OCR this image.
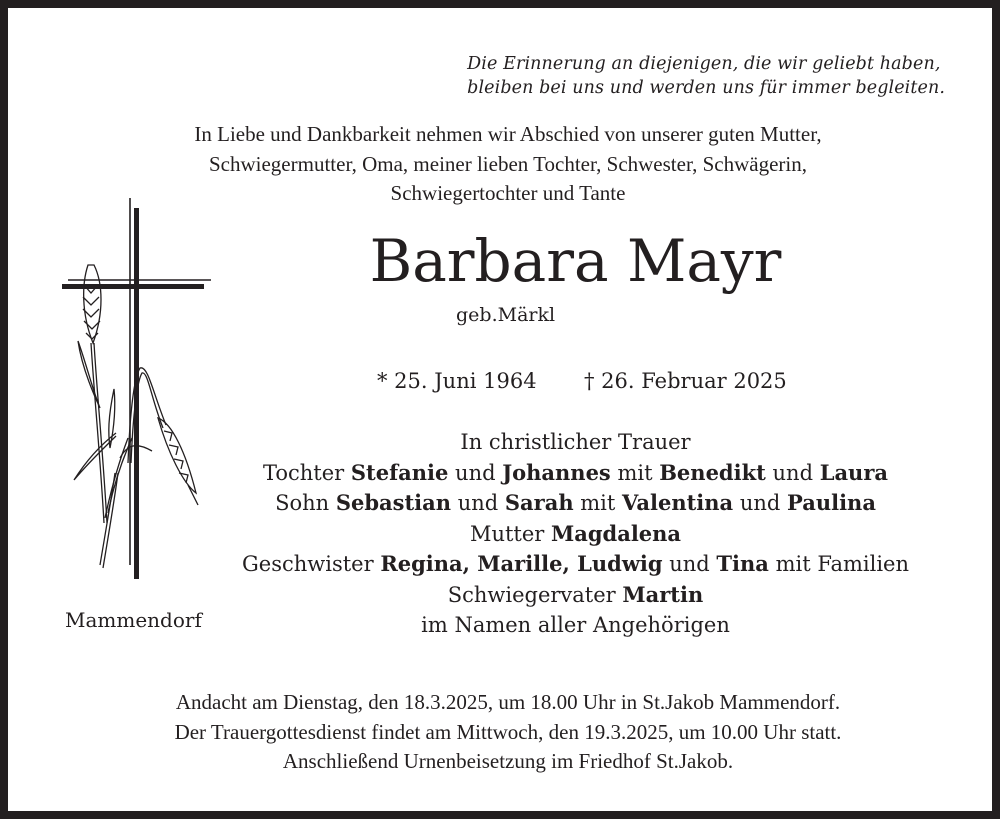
Die Erinnerung an diejenigen, die wir geliebt haben,
bleiben bei uns und werden uns für immer begleiten.
In Liebe und Dankbarkeit nehmen wir Abschied von unserer guten Mutter,
Schwiegermutter, Oma, meiner lieben Tochter, Schwester, Schwägerin,
Schwiegertochter und Tante
Barbara Mayr
geb.Märkl
* 25. Juni 1964 † 26. Februar 2025
In christlicher Trauer
Tochter Stefanie und Johannes mit Benedikt und Laura
Sohn Sebastian und Sarah mit Valentina und Paulina
Mutter Magdalena
Geschwister Regina, Marille, Ludwig und Tina mit Familien
Schwiegervater Martin
im Namen aller Angehörigen
Mammendorf
Andacht am Dienstag, den 18.3.2025, um 18.00 Uhr in St.Jakob Mammendorf.
Der Trauergottesdienst findet am Mittwoch, den 19.3.2025, um 10.00 Uhr statt.
Anschließend Urnenbeisetzung im Friedhof St.Jakob.
